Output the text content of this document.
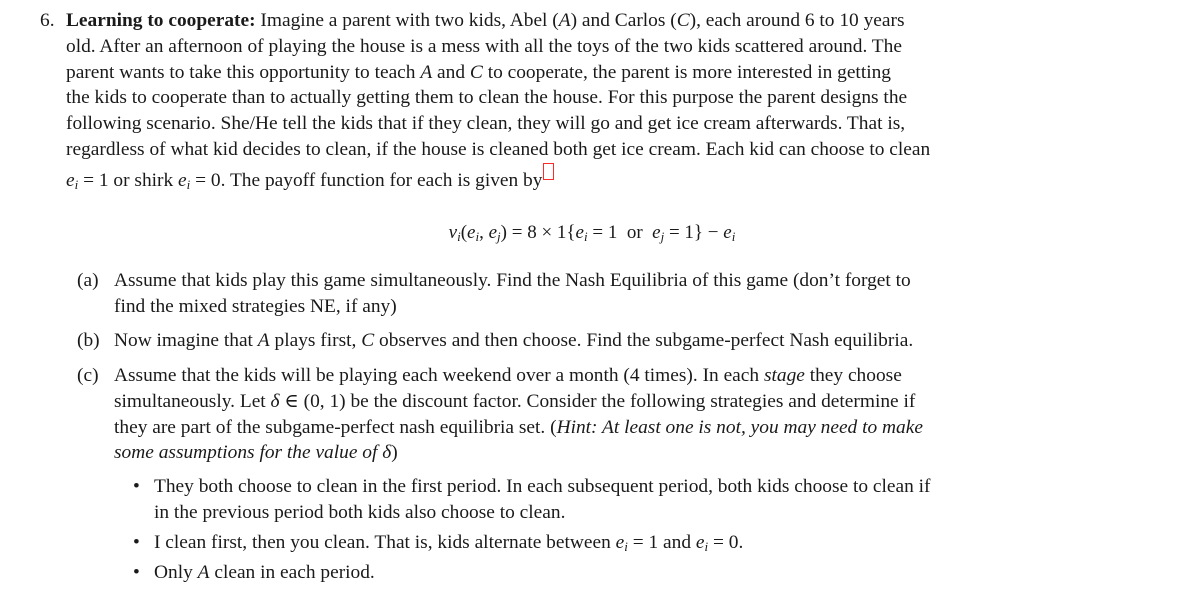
6. Learning to cooperate: Imagine a parent with two kids, Abel (A) and Carlos (C), each around 6 to 10 years
old. After an afternoon of playing the house is a mess with all the toys of the two kids scattered around. The
parent wants to take this opportunity to teach A and C to cooperate, the parent is more interested in getting
the kids to cooperate than to actually getting them to clean the house. For this purpose the parent designs the
following scenario. She/He tell the kids that if they clean, they will go and get ice cream afterwards. That is,
regardless of what kid decides to clean, if the house is cleaned both get ice cream. Each kid can choose to clean
$e_i = 1$ or shirk $e_i = 0$. The payoff function for each is given by
$v_i(e_i$, $e_j) = 8 \times 1\{e_i = 1$  or $e_j = 1\} - e_i$
(a) Assume that kids play this game simultaneously. Find the Nash Equilibria of this game (don’t forget to
find the mixed strategies NE, if any)
(b) Now imagine that A plays first, C observes and then choose. Find the subgame-perfect Nash equilibria.
(c) Assume that the kids will be playing each weekend over a month (4 times). In each stage they choose
simultaneously. Let δ ∈ (0, 1) be the discount factor. Consider the following strategies and determine if
they are part of the subgame-perfect nash equilibria set. (Hint: At least one is not, you may need to make
some assumptions for the value of δ)
• They both choose to clean in the first period. In each subsequent period, both kids choose to clean if
in the previous period both kids also choose to clean.
• I clean first, then you clean. That is, kids alternate between $e_i = 1$ and $e_i = 0$.
• Only A clean in each period.
